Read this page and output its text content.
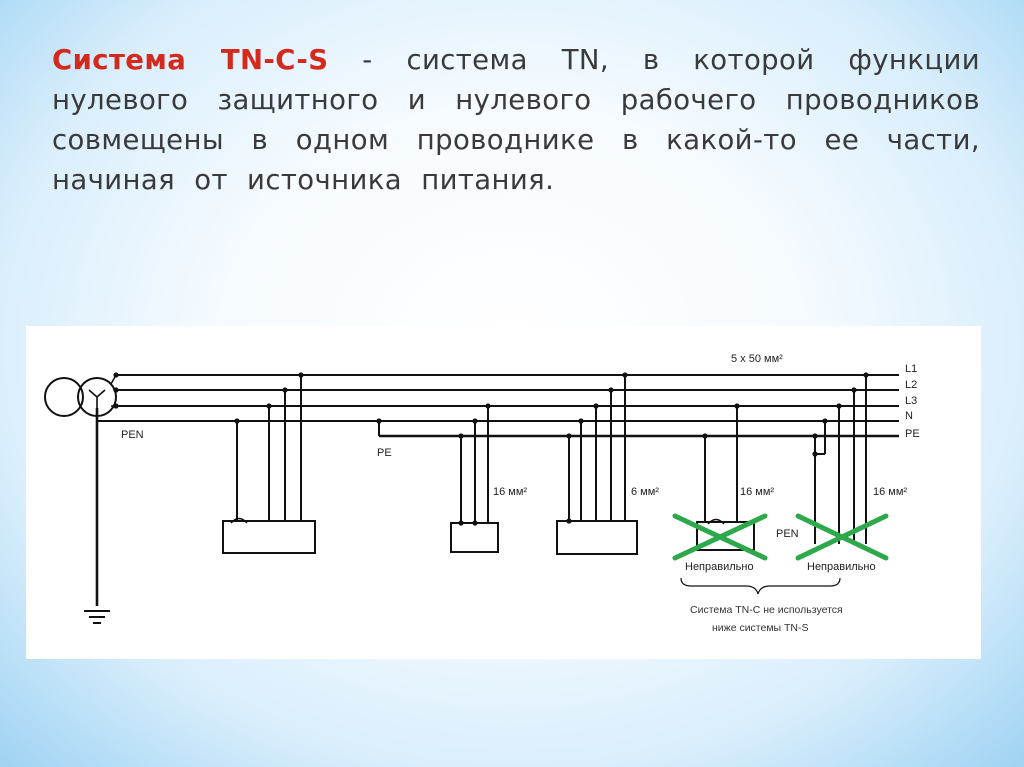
Система TN-C-S - система TN, в которой функции нулевого защитного и нулевого рабочего проводников совмещены в одном проводнике в какой-то ее части, начиная от источника питания.
5 х 50 мм²
L1
L2
L3
N
PE
PEN
PE
16 мм²	6 мм²	16 мм²	16 мм²
PEN
Неправильно	Неправильно
Система TN-C не используется
ниже системы TN-S
